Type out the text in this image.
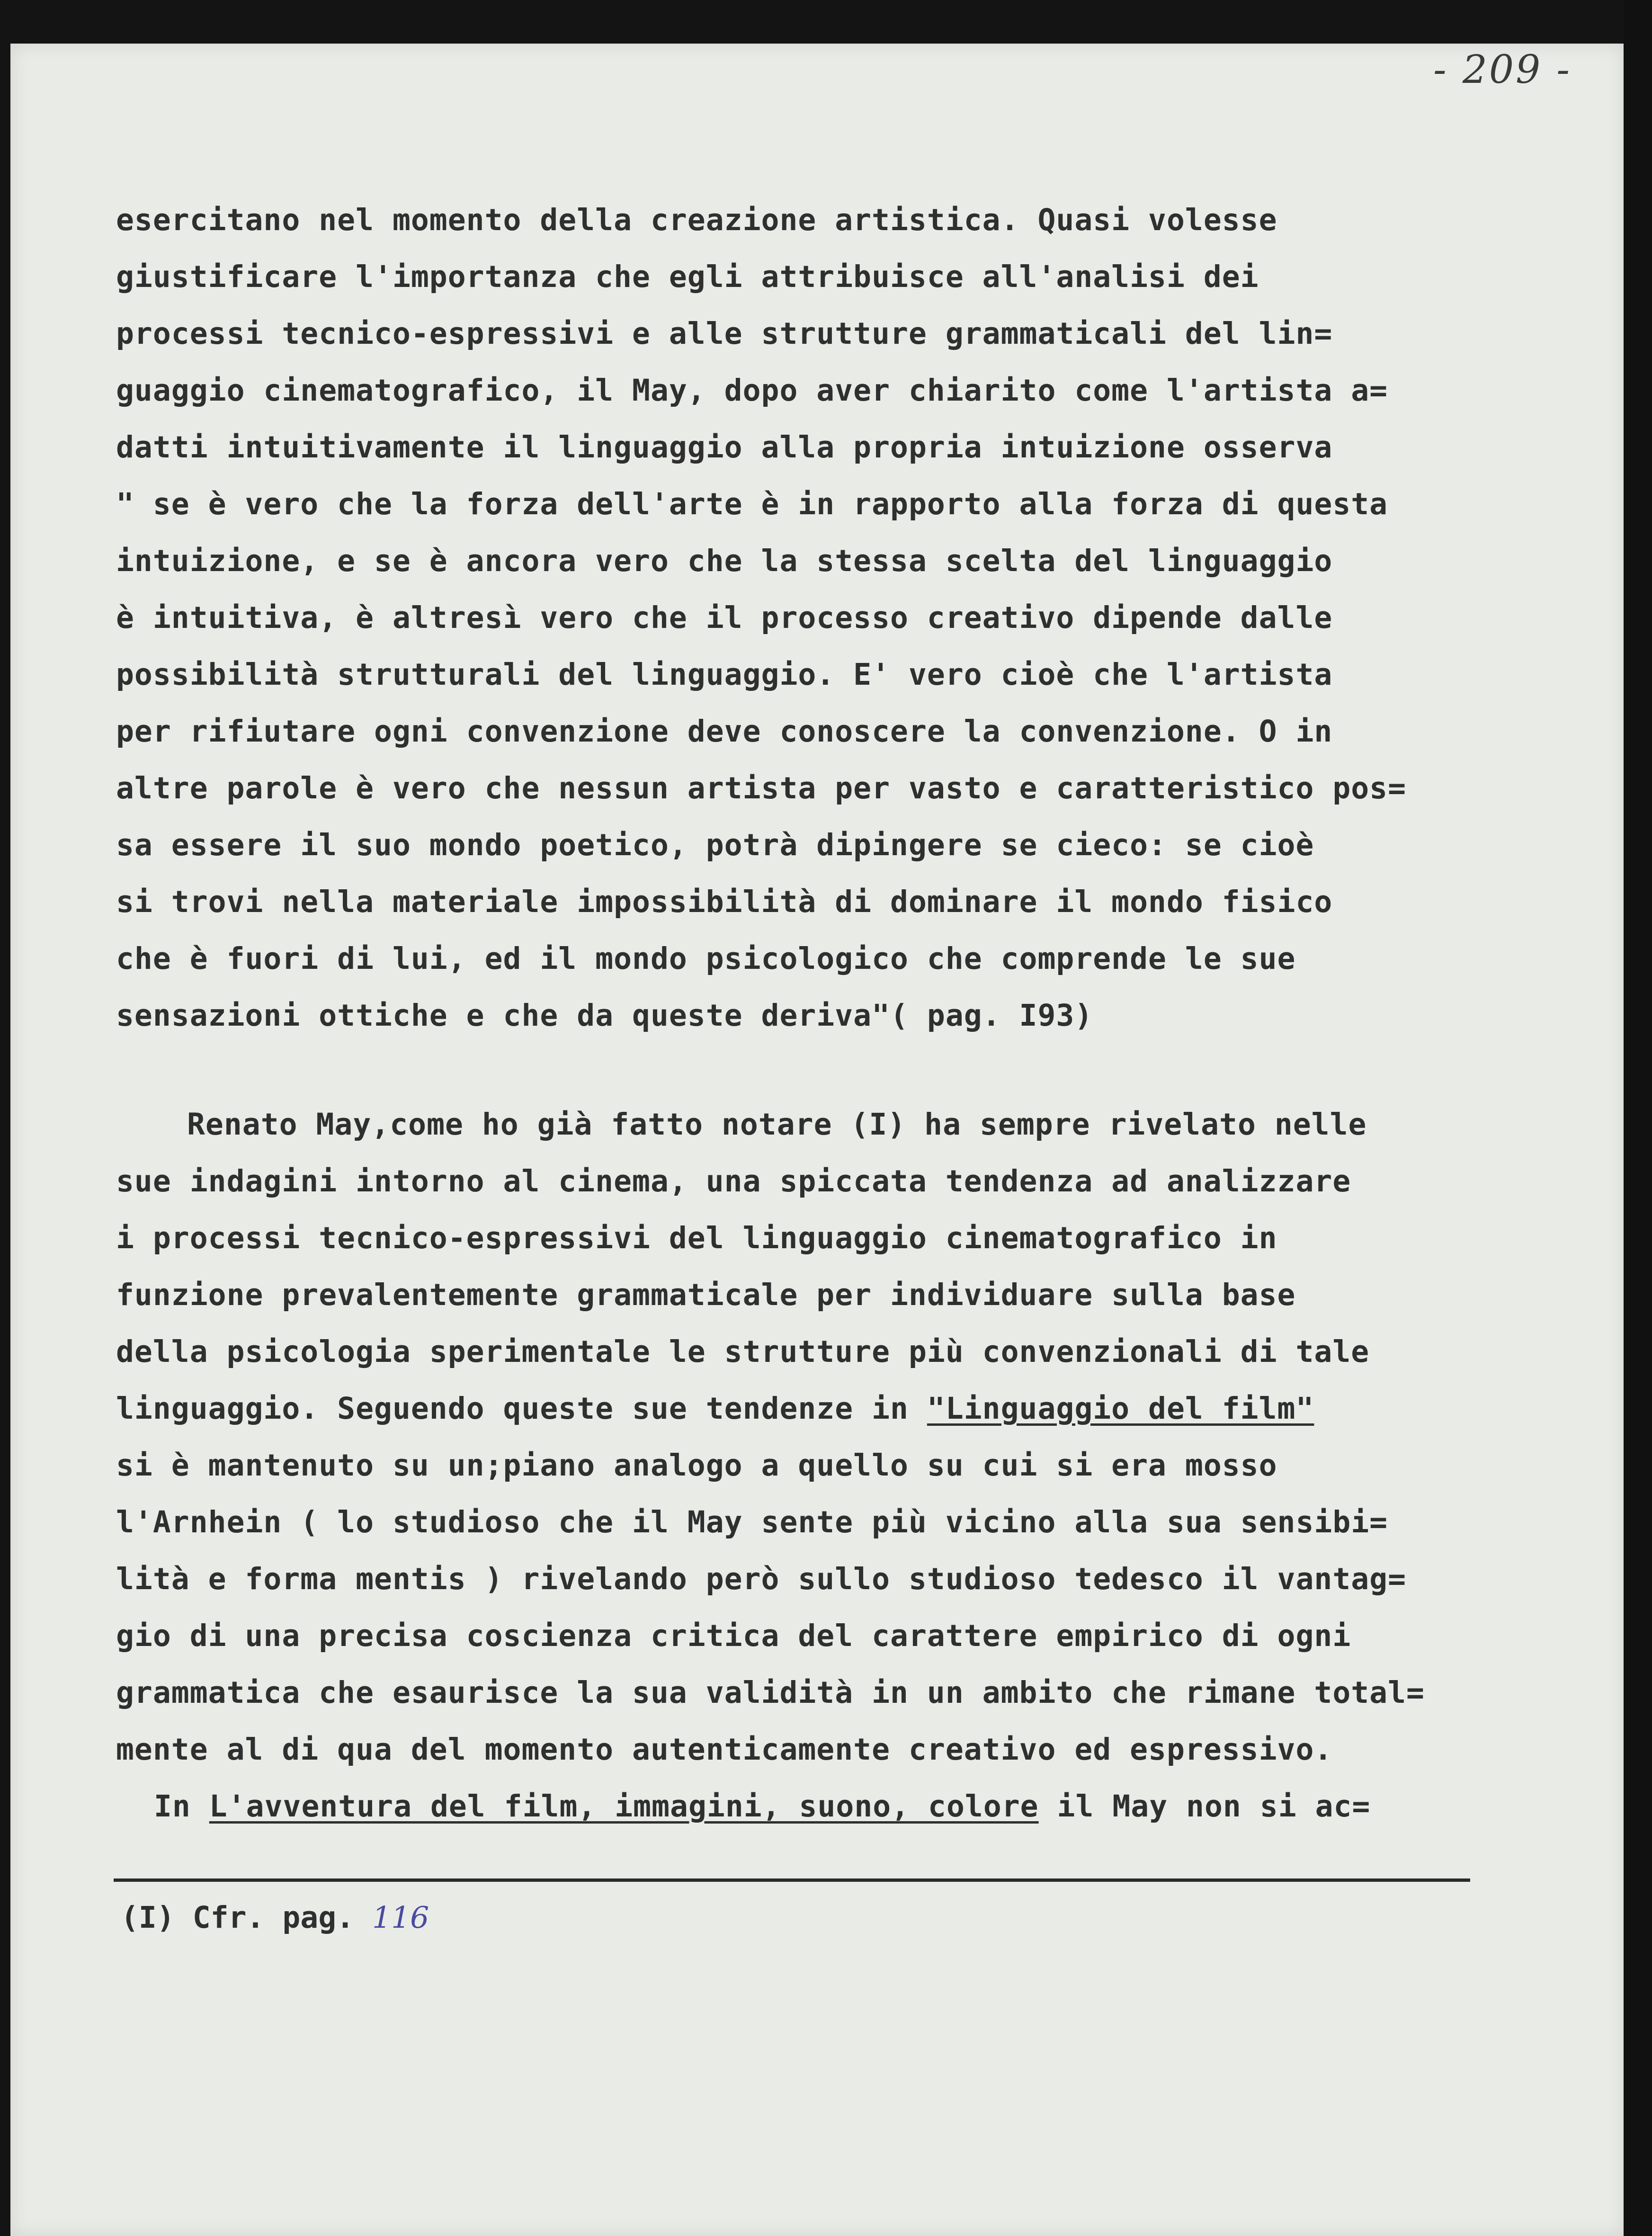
- 209 -
esercitano nel momento della creazione artistica. Quasi volesse
giustificare l'importanza che egli attribuisce all'analisi dei
processi tecnico-espressivi e alle strutture grammaticali del lin=
guaggio cinematografico, il May, dopo aver chiarito come l'artista a=
datti intuitivamente il linguaggio alla propria intuizione osserva
" se è vero che la forza dell'arte è in rapporto alla forza di questa
intuizione, e se è ancora vero che la stessa scelta del linguaggio
è intuitiva, è altresì vero che il processo creativo dipende dalle
possibilità strutturali del linguaggio. E' vero cioè che l'artista
per rifiutare ogni convenzione deve conoscere la convenzione. O in
altre parole è vero che nessun artista per vasto e caratteristico pos=
sa essere il suo mondo poetico, potrà dipingere se cieco: se cioè
si trovi nella materiale impossibilità di dominare il mondo fisico
che è fuori di lui, ed il mondo psicologico che comprende le sue
sensazioni ottiche e che da queste deriva"( pag. I93)
Renato May,come ho già fatto notare (I) ha sempre rivelato nelle
sue indagini intorno al cinema, una spiccata tendenza ad analizzare
i processi tecnico-espressivi del linguaggio cinematografico in
funzione prevalentemente grammaticale per individuare sulla base
della psicologia sperimentale le strutture più convenzionali di tale
linguaggio. Seguendo queste sue tendenze in "Linguaggio del film"
si è mantenuto su un;piano analogo a quello su cui si era mosso
l'Arnhein ( lo studioso che il May sente più vicino alla sua sensibi=
lità e forma mentis ) rivelando però sullo studioso tedesco il vantag=
gio di una precisa coscienza critica del carattere empirico di ogni
grammatica che esaurisce la sua validità in un ambito che rimane total=
mente al di qua del momento autenticamente creativo ed espressivo.
In L'avventura del film, immagini, suono, colore il May non si ac=
(I) Cfr. pag. 116
